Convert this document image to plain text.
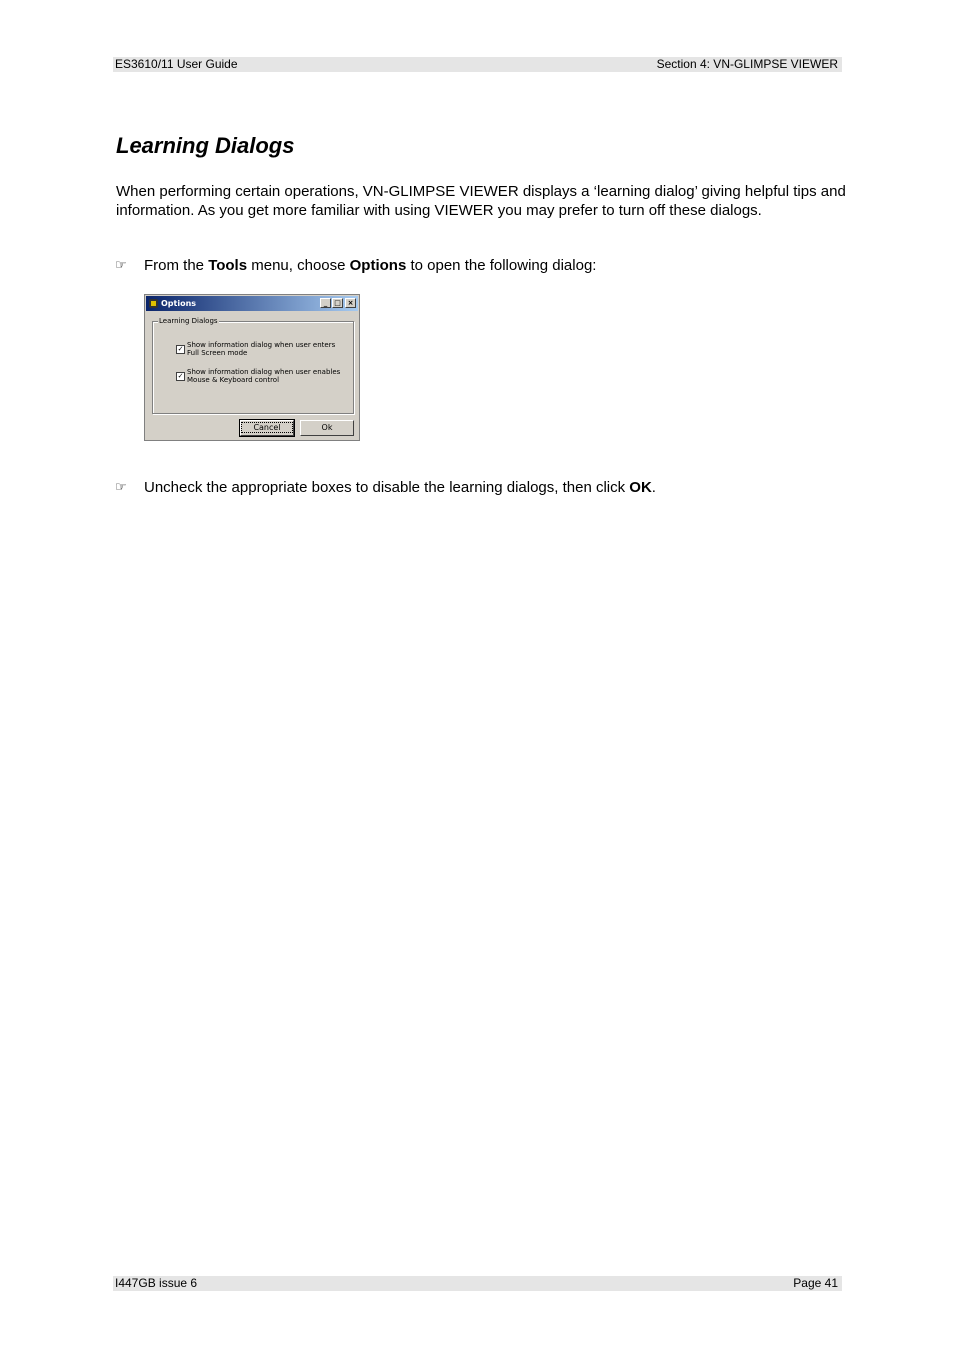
ES3610/11 User Guide	Section 4: VN-GLIMPSE VIEWER
Learning Dialogs

When performing certain operations, VN-GLIMPSE VIEWER displays a ‘learning dialog’ giving helpful tips and information. As you get more familiar with using VIEWER you may prefer to turn off these dialogs.

☞ From the Tools menu, choose Options to open the following dialog:
Options	_ □ ×
Learning Dialogs
✓ Show information dialog when user enters
Full Screen mode
✓ Show information dialog when user enables
Mouse & Keyboard control
Cancel	Ok
☞ Uncheck the appropriate boxes to disable the learning dialogs, then click OK.
I447GB issue 6	Page 41
